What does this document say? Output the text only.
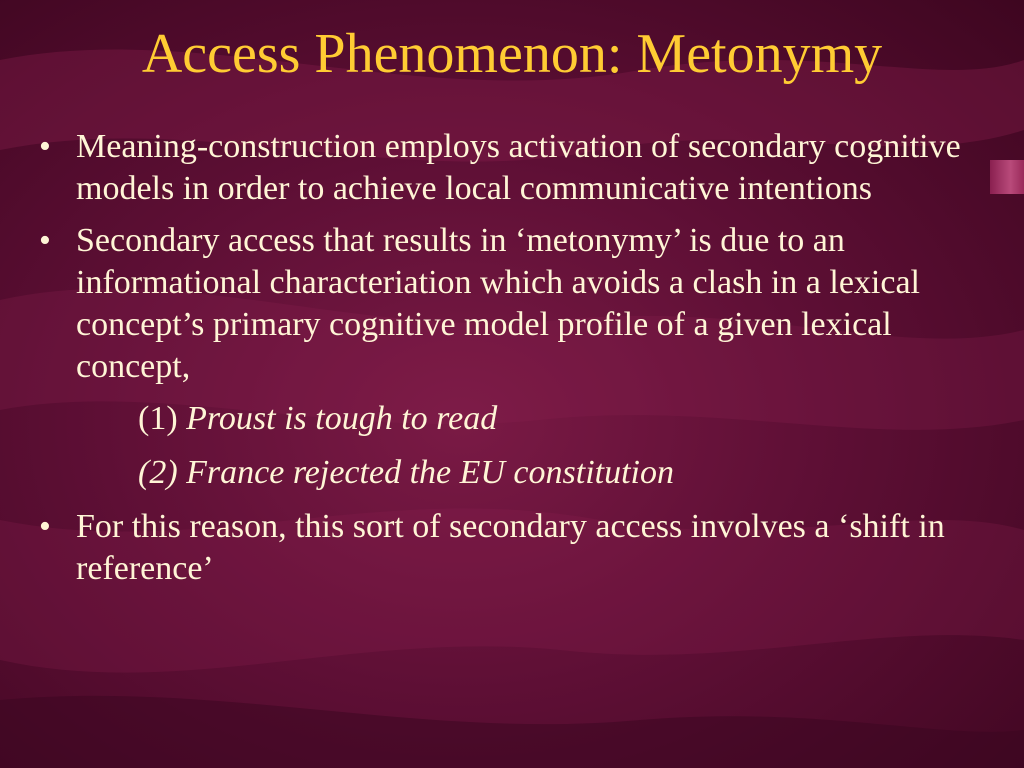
Access Phenomenon: Metonymy
• Meaning-construction employs activation of secondary cognitive models in order to achieve local communicative intentions
• Secondary access that results in ‘metonymy’ is due to an informational characteriation which avoids a clash in a lexical concept’s primary cognitive model profile of a given lexical concept,
(1) Proust is tough to read
(2) France rejected the EU constitution
• For this reason, this sort of secondary access involves a ‘shift in reference’
